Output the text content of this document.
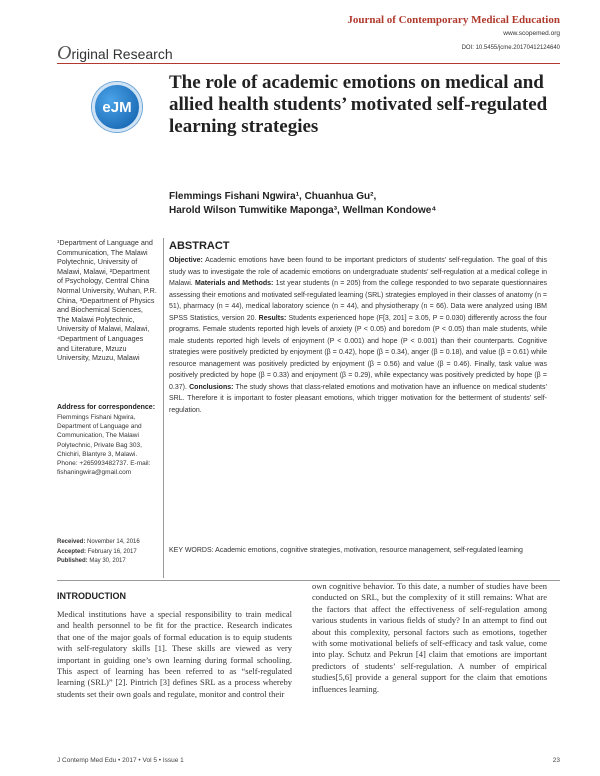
Journal of Contemporary Medical Education
www.scopemed.org
DOI: 10.5455/jcme.20170412124640
Original Research
eJM
The role of academic emotions on medical and allied health students’ motivated self-regulated learning strategies
Flemmings Fishani Ngwira¹, Chuanhua Gu²,
Harold Wilson Tumwitike Maponga³, Wellman Kondowe⁴
¹Department of Language and Communication, The Malawi Polytechnic, University of Malawi, Malawi, ²Department of Psychology, Central China Normal University, Wuhan, P.R. China, ³Department of Physics and Biochemical Sciences, The Malawi Polytechnic, University of Malawi, Malawi, ⁴Department of Languages and Literature, Mzuzu University, Mzuzu, Malawi
Address for correspondence:
Flemmings Fishani Ngwira, Department of Language and Communication, The Malawi Polytechnic, Private Bag 303, Chichiri, Blantyre 3, Malawi. Phone: +265993482737. E-mail: fishaningwira@gmail.com
Received: November 14, 2016
Accepted: February 16, 2017
Published: May 30, 2017
ABSTRACT
Objective: Academic emotions have been found to be important predictors of students’ self-regulation. The goal of this study was to investigate the role of academic emotions on undergraduate students’ self-regulation at a medical college in Malawi. Materials and Methods: 1st year students (n = 205) from the college responded to two separate questionnaires assessing their emotions and motivated self-regulated learning (SRL) strategies employed in their classes of anatomy (n = 51), pharmacy (n = 44), medical laboratory science (n = 44), and physiotherapy (n = 66). Data were analyzed using IBM SPSS Statistics, version 20. Results: Students experienced hope (F[3, 201] = 3.05, P = 0.030) differently across the four programs. Female students reported high levels of anxiety (P < 0.05) and boredom (P < 0.05) than male students, while male students reported high levels of enjoyment (P < 0.001) and hope (P < 0.001) than their counterparts. Cognitive strategies were positively predicted by enjoyment (β = 0.42), hope (β = 0.34), anger (β = 0.18), and value (β = 0.61) while resource management was positively predicted by enjoyment (β = 0.56) and value (β = 0.46). Finally, task value was positively predicted by hope (β = 0.33) and enjoyment (β = 0.29), while expectancy was positively predicted by hope (β = 0.37). Conclusions: The study shows that class-related emotions and motivation have an influence on medical students’ SRL. Therefore it is important to foster pleasant emotions, which trigger motivation for the betterment of students’ self-regulation.
KEY WORDS: Academic emotions, cognitive strategies, motivation, resource management, self-regulated learning
INTRODUCTION
Medical institutions have a special responsibility to train medical and health personnel to be fit for the practice. Research indicates that one of the major goals of formal education is to equip students with self-regulatory skills [1]. These skills are viewed as very important in guiding one’s own learning during formal schooling. This aspect of learning has been referred to as “self-regulated learning (SRL)” [2]. Pintrich [3] defines SRL as a process whereby students set their own goals and regulate, monitor and control their
own cognitive behavior. To this date, a number of studies have been conducted on SRL, but the complexity of it still remains: What are the factors that affect the effectiveness of self-regulation among various students in various fields of study? In an attempt to find out about this complexity, personal factors such as emotions, together with some motivational beliefs of self-efficacy and task value, come into play. Schutz and Pekrun [4] claim that emotions are important predictors of students’ self-regulation. A number of empirical studies[5,6] provide a general support for the claim that emotions influences learning.
J Contemp Med Edu • 2017 • Vol 5 • Issue 1	23
